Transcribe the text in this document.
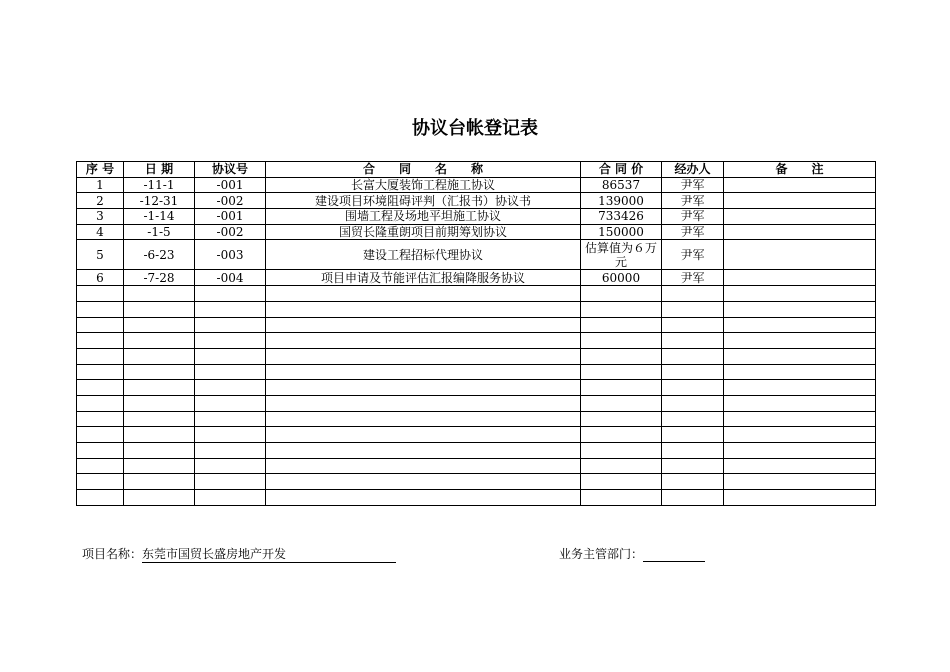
协议台帐登记表
序 号	日 期	协议号	合　　同　　名　　称	合 同 价	经办人	备　　注
1	-11-1	-001	长富大厦装饰工程施工协议	86537	尹军	
2	-12-31	-002	建设项目环境阻碍评判（汇报书）协议书	139000	尹军	
3	-1-14	-001	围墙工程及场地平坦施工协议	733426	尹军	
4	-1-5	-002	国贸长隆重朗项目前期筹划协议	150000	尹军	
5	-6-23	-003	建设工程招标代理协议	估算值为６万元	尹军	
6	-7-28	-004	项目申请及节能评估汇报编降服务协议	60000	尹军	

项目名称：东莞市国贸长盛房地产开发	业务主管部门：
